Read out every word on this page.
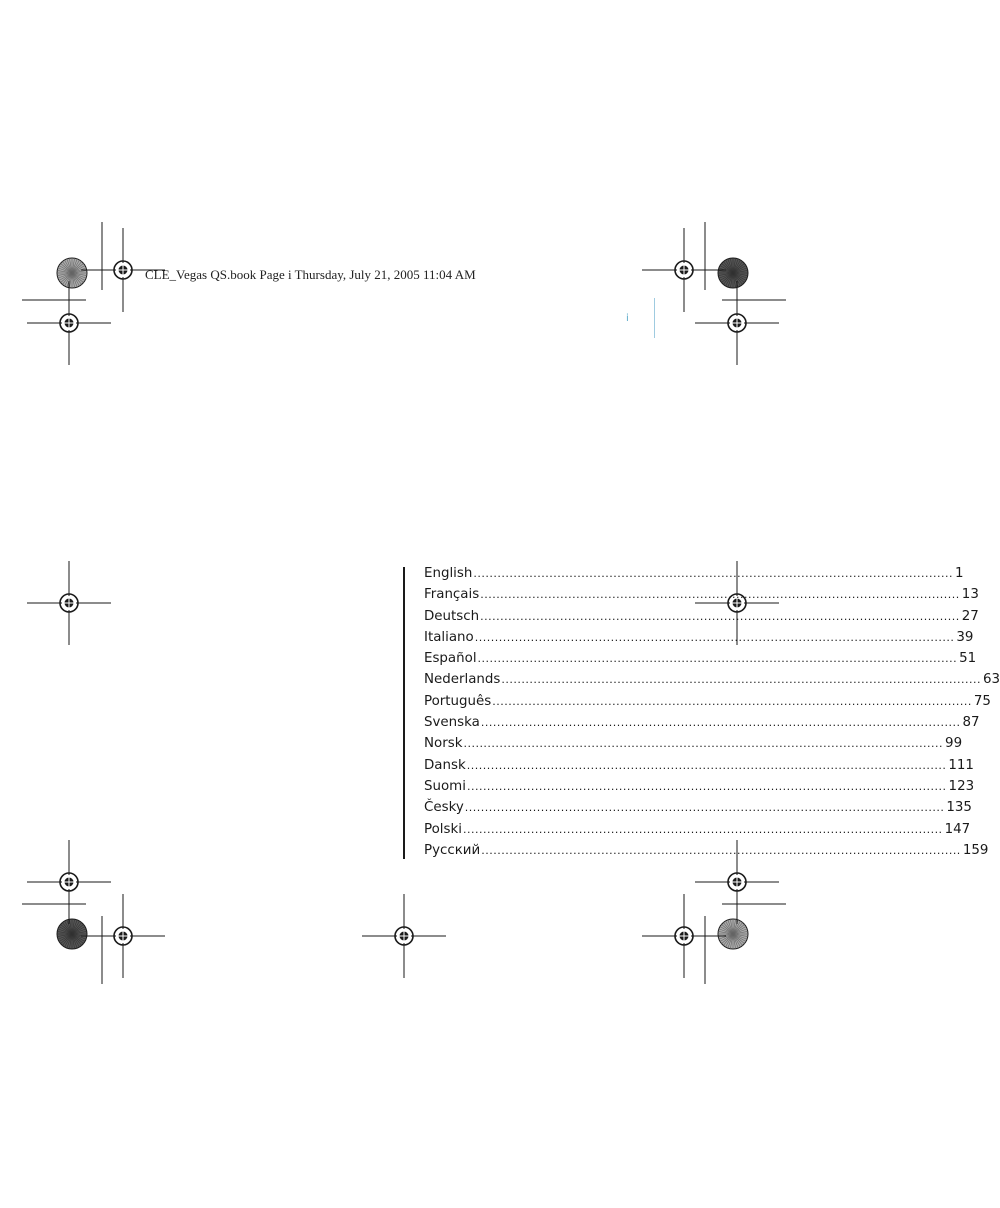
CLE_Vegas QS.book Page i Thursday, July 21, 2005 11:04 AM
i
English ........................................................................................................................ 1
Français ........................................................................................................................ 13
Deutsch ........................................................................................................................ 27
Italiano ........................................................................................................................ 39
Español ........................................................................................................................ 51
Nederlands ........................................................................................................................ 63
Português ........................................................................................................................ 75
Svenska ........................................................................................................................ 87
Norsk ........................................................................................................................ 99
Dansk ........................................................................................................................ 111
Suomi ........................................................................................................................ 123
Česky ........................................................................................................................ 135
Polski ........................................................................................................................ 147
Русский ........................................................................................................................ 159
